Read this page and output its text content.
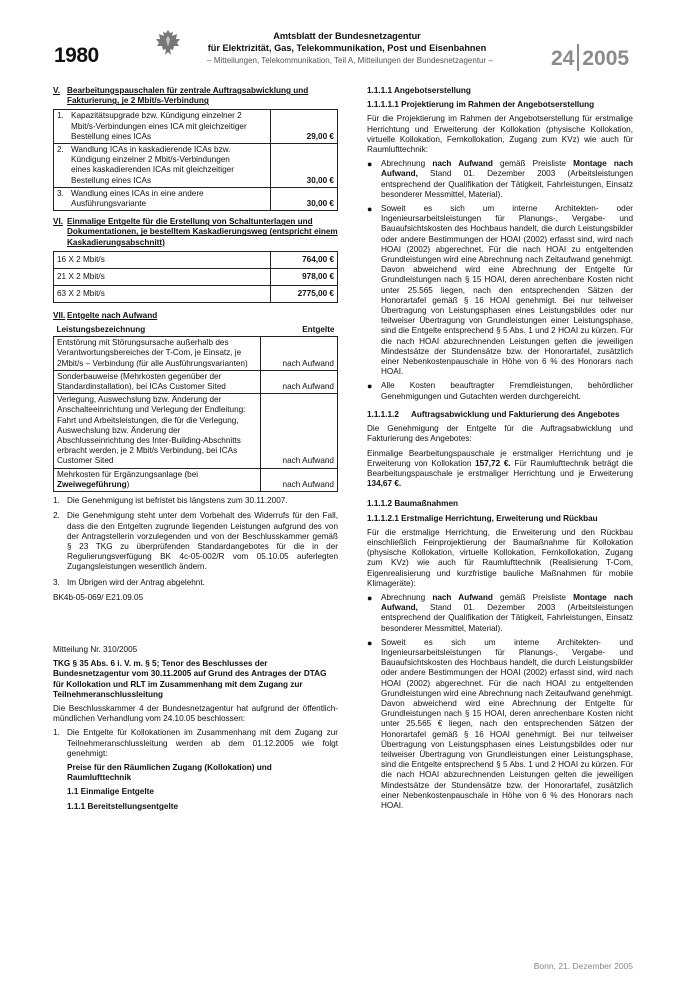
1980
Amtsblatt der Bundesnetzagentur
für Elektrizität, Gas, Telekommunikation, Post und Eisenbahnen
– Mitteilungen, Telekommunikation, Teil A, Mitteilungen der Bundesnetzagentur –	24 2005
V. Bearbeitungspauschalen für zentrale Auftragsabwicklung und Fakturierung, je 2 Mbit/s-Verbindung
1. Kapazitätsupgrade bzw. Kündigung einzelner 2 Mbit/s-Verbindungen eines ICA mit gleichzeitiger Bestellung eines ICAs	29,00 €
2. Wandlung ICAs in kaskadierende ICAs bzw. Kündigung einzelner 2 Mbit/s-Verbindungen eines kaskadierenden ICAs mit gleichzeitiger Bestellung eines ICAs	30,00 €
3. Wandlung eines ICAs in eine andere Ausführungsvariante	30,00 €
VI. Einmalige Entgelte für die Erstellung von Schaltunterlagen und Dokumentationen, je bestelltem Kaskadierungsweg (entspricht einem Kaskadierungsabschnitt)
16 X 2 Mbit/s	764,00 €
21 X 2 Mbit/s	978,00 €
63 X 2 Mbit/s	2775,00 €
VII. Entgelte nach Aufwand
Leistungsbezeichnung	Entgelte
Entstörung mit Störungsursache außerhalb des Verantwortungsbereiches der T-Com, je Einsatz, je 2Mbit/s – Verbindung (für alle Ausführungsvarianten)	nach Aufwand
Sonderbauweise (Mehrkosten gegenüber der Standardinstallation), bei ICAs Customer Sited	nach Aufwand
Verlegung, Auswechslung bzw. Änderung der Anschalteeinrichtung und Verlegung der Endleitung: Fahrt und Arbeitsleistungen, die für die Verlegung, Auswechslung bzw. Änderung der Abschlusseinrichtung des Inter-Building-Abschnitts erbracht werden, je 2 Mbit/s Verbindung, bei ICAs Customer Sited	nach Aufwand
Mehrkosten für Ergänzungsanlage (bei Zweiwegeführung)	nach Aufwand
1. Die Genehmigung ist befristet bis längstens zum 30.11.2007.
2. Die Genehmigung steht unter dem Vorbehalt des Widerrufs für den Fall, dass die den Entgelten zugrunde liegenden Leistungen aufgrund des von der Antragstellerin vorzulegenden und von der Beschlusskammer gemäß § 23 TKG zu überprüfenden Standardangebotes für die in der Regulierungsverfügung BK 4c-05-002/R vom 05.10.05 auferlegten Zugangsleistungen wesentlich ändern.
3. Im Übrigen wird der Antrag abgelehnt.
BK4b-05-069/ E21.09.05

Mitteilung Nr. 310/2005

TKG § 35 Abs. 6 i. V. m. § 5; Tenor des Beschlusses der Bundesnetzagentur vom 30.11.2005 auf Grund des Antrages der DTAG für Kollokation und RLT im Zusammenhang mit dem Zugang zur Teilnehmeranschlussleitung

Die Beschlusskammer 4 der Bundesnetzagentur hat aufgrund der öffentlich-mündlichen Verhandlung vom 24.10.05 beschlossen:

1. Die Entgelte für Kollokationen im Zusammenhang mit dem Zugang zur Teilnehmeranschlussleitung werden ab dem 01.12.2005 wie folgt genehmigt:

Preise für den Räumlichen Zugang (Kollokation) und Raumlufttechnik

1.1 Einmalige Entgelte

1.1.1 Bereitstellungsentgelte

1.1.1.1 Angebotserstellung
1.1.1.1.1 Projektierung im Rahmen der Angebotserstellung

Für die Projektierung im Rahmen der Angebotserstellung für erstmalige Herrichtung und Erweiterung der Kollokation (physische Kollokation, virtuelle Kollokation, Fernkollokation, Zugang zum KVz) wie auch für Raumlufttechnik:

●	Abrechnung nach Aufwand gemäß Preisliste Montage nach Aufwand, Stand 01. Dezember 2003 (Arbeitsleistungen entsprechend der Qualifikation der Tätigkeit, Fahrleistungen, Einsatz besonderer Messmittel, Material).
●	Soweit es sich um interne Architekten- oder Ingenieursarbeitsleistungen für Planungs-, Vergabe- und Bauaufsichtskosten des Hochbaus handelt, die durch Leistungsbilder oder andere Bestimmungen der HOAI (2002) erfasst sind, wird nach HOAI (2002) abgerechnet. Für die nach HOAI zu entgeltenden Grundleistungen wird eine Abrechnung nach Zeitaufwand genehmigt. Davon abweichend wird eine Abrechnung der Entgelte für Grundleistungen nach § 15 HOAI, deren anrechenbare Kosten nicht unter 25.565 liegen, nach den entsprechenden Sätzen der Honorartafel gemäß § 16 HOAI genehmigt. Bei nur teilweiser Übertragung von Leistungsphasen eines Leistungsbildes oder nur teilweiser Übertragung von Grundleistungen einer Leistungsphase, sind die Entgelte entsprechend § 5 Abs. 1 und 2 HOAI zu kürzen. Für die nach HOAI abzurechnenden Leistungen gelten die jeweiligen Mindestsätze der Stundensätze bzw. der Honorartafel, zusätzlich einer Nebenkostenpauschale in Höhe von 6 % des Honorars nach HOAI.
●	Alle Kosten beauftragter Fremdleistungen, behördlicher Genehmigungen und Gutachten werden durchgereicht.
1.1.1.1.2	Auftragsabwicklung und Fakturierung des Angebotes

Die Genehmigung der Entgelte für die Auftragsabwicklung und Fakturierung des Angebotes:

Einmalige Bearbeitungspauschale je erstmaliger Herrichtung und je Erweiterung von Kollokation 157,72 €. Für Raumlufttechnik beträgt die Bearbeitungspauschale je erstmaliger Herrichtung und je Erweiterung 134,67 €.

1.1.1.2 Baumaßnahmen
1.1.1.2.1 Erstmalige Herrichtung, Erweiterung und Rückbau

Für die erstmalige Herrichtung, die Erweiterung und den Rückbau einschließlich Feinprojektierung der Baumaßnahme für Kollokation (physische Kollokation, virtuelle Kollokation, Fernkollokation, Zugang zum KVz) wie auch für Raumlufttechnik (Realisierung T-Com, Eigenrealisierung und kurzfristige bauliche Maßnahmen für mobile Klimageräte):

●	Abrechnung nach Aufwand gemäß Preisliste Montage nach Aufwand, Stand 01. Dezember 2003 (Arbeitsleistungen entsprechend der Qualifikation der Tätigkeit, Fahrleistungen, Einsatz besonderer Messmittel, Material).
●	Soweit es sich um interne Architekten- und Ingenieursarbeitsleistungen für Planungs-, Vergabe- und Bauaufsichtskosten des Hochbaus handelt, die durch Leistungsbilder oder andere Bestimmungen der HOAI (2002) erfasst sind, wird nach HOAI (2002) abgerechnet. Für die nach HOAI zu entgeltenden Grundleistungen wird eine Abrechnung nach Zeitaufwand genehmigt. Davon abweichend wird eine Abrechnung der Entgelte für Grundleistungen nach § 15 HOAI, deren anrechenbare Kosten nicht unter 25.565 € liegen, nach den entsprechenden Sätzen der Honorartafel gemäß § 16 HOAI genehmigt. Bei nur teilweiser Übertragung von Leistungsphasen eines Leistungsbildes oder nur teilweiser Übertragung von Grundleistungen einer Leistungsphase, sind die Entgelte entsprechend § 5 Abs. 1 und 2 HOAI zu kürzen. Für die nach HOAI abzurechnenden Leistungen gelten die jeweiligen Mindestsätze der Stundensätze bzw. der Honorartafel, zusätzlich einer Nebenkostenpauschale in Höhe von 6 % des Honorars nach HOAI.
Bonn, 21. Dezember 2005
